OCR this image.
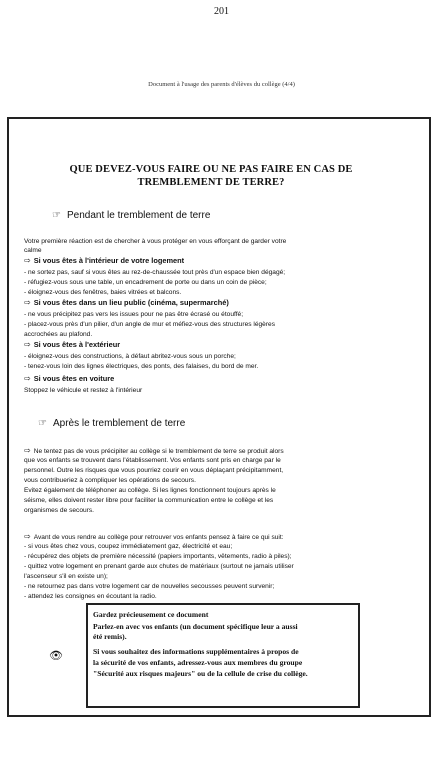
201
Document à l'usage des parents d'élèves du collège (4/4)
QUE DEVEZ-VOUS FAIRE OU NE PAS FAIRE EN CAS DE
TREMBLEMENT DE TERRE?
☞ Pendant le tremblement de terre
Votre première réaction est de chercher à vous protéger en vous efforçant de garder votre
calme
⇨ Si vous êtes à l'intérieur de votre logement
- ne sortez pas, sauf si vous êtes au rez-de-chaussée tout près d'un espace bien dégagé;
- réfugiez-vous sous une table, un encadrement de porte ou dans un coin de pièce;
- éloignez-vous des fenêtres, baies vitrées et balcons.
⇨ Si vous êtes dans un lieu public (cinéma, supermarché)
- ne vous précipitez pas vers les issues pour ne pas être écrasé ou étouffé;
- placez-vous près d'un pilier, d'un angle de mur et méfiez-vous des structures légères
accrochées au plafond.
⇨ Si vous êtes à l'extérieur
- éloignez-vous des constructions, à défaut abritez-vous sous un porche;
- tenez-vous loin des lignes électriques, des ponts, des falaises, du bord de mer.
⇨ Si vous êtes en voiture
Stoppez le véhicule et restez à l'intérieur
☞ Après le tremblement de terre
⇨ Ne tentez pas de vous précipiter au collège si le tremblement de terre se produit alors
que vos enfants se trouvent dans l'établissement. Vos enfants sont pris en charge par le
personnel. Outre les risques que vous pourriez courir en vous déplaçant précipitamment,
vous contribueriez à compliquer les opérations de secours.
Evitez également de téléphoner au collège. Si les lignes fonctionnent toujours après le
séisme, elles doivent rester libre pour faciliter la communication entre le collège et les
organismes de secours.
⇨ Avant de vous rendre au collège pour retrouver vos enfants pensez à faire ce qui suit:
- si vous êtes chez vous, coupez immédiatement gaz, électricité et eau;
- récupérez des objets de première nécessité (papiers importants, vêtements, radio à piles);
- quittez votre logement en prenant garde aux chutes de matériaux (surtout ne jamais utiliser
l'ascenseur s'il en existe un);
- ne retournez pas dans votre logement car de nouvelles secousses peuvent survenir;
- attendez les consignes en écoutant la radio.
👁
Gardez précieusement ce document
Parlez-en avec vos enfants (un document spécifique leur a aussi
été remis).
Si vous souhaitez des informations supplémentaires à propos de
la sécurité de vos enfants, adressez-vous aux membres du groupe
"Sécurité aux risques majeurs" ou de la cellule de crise du collège.
